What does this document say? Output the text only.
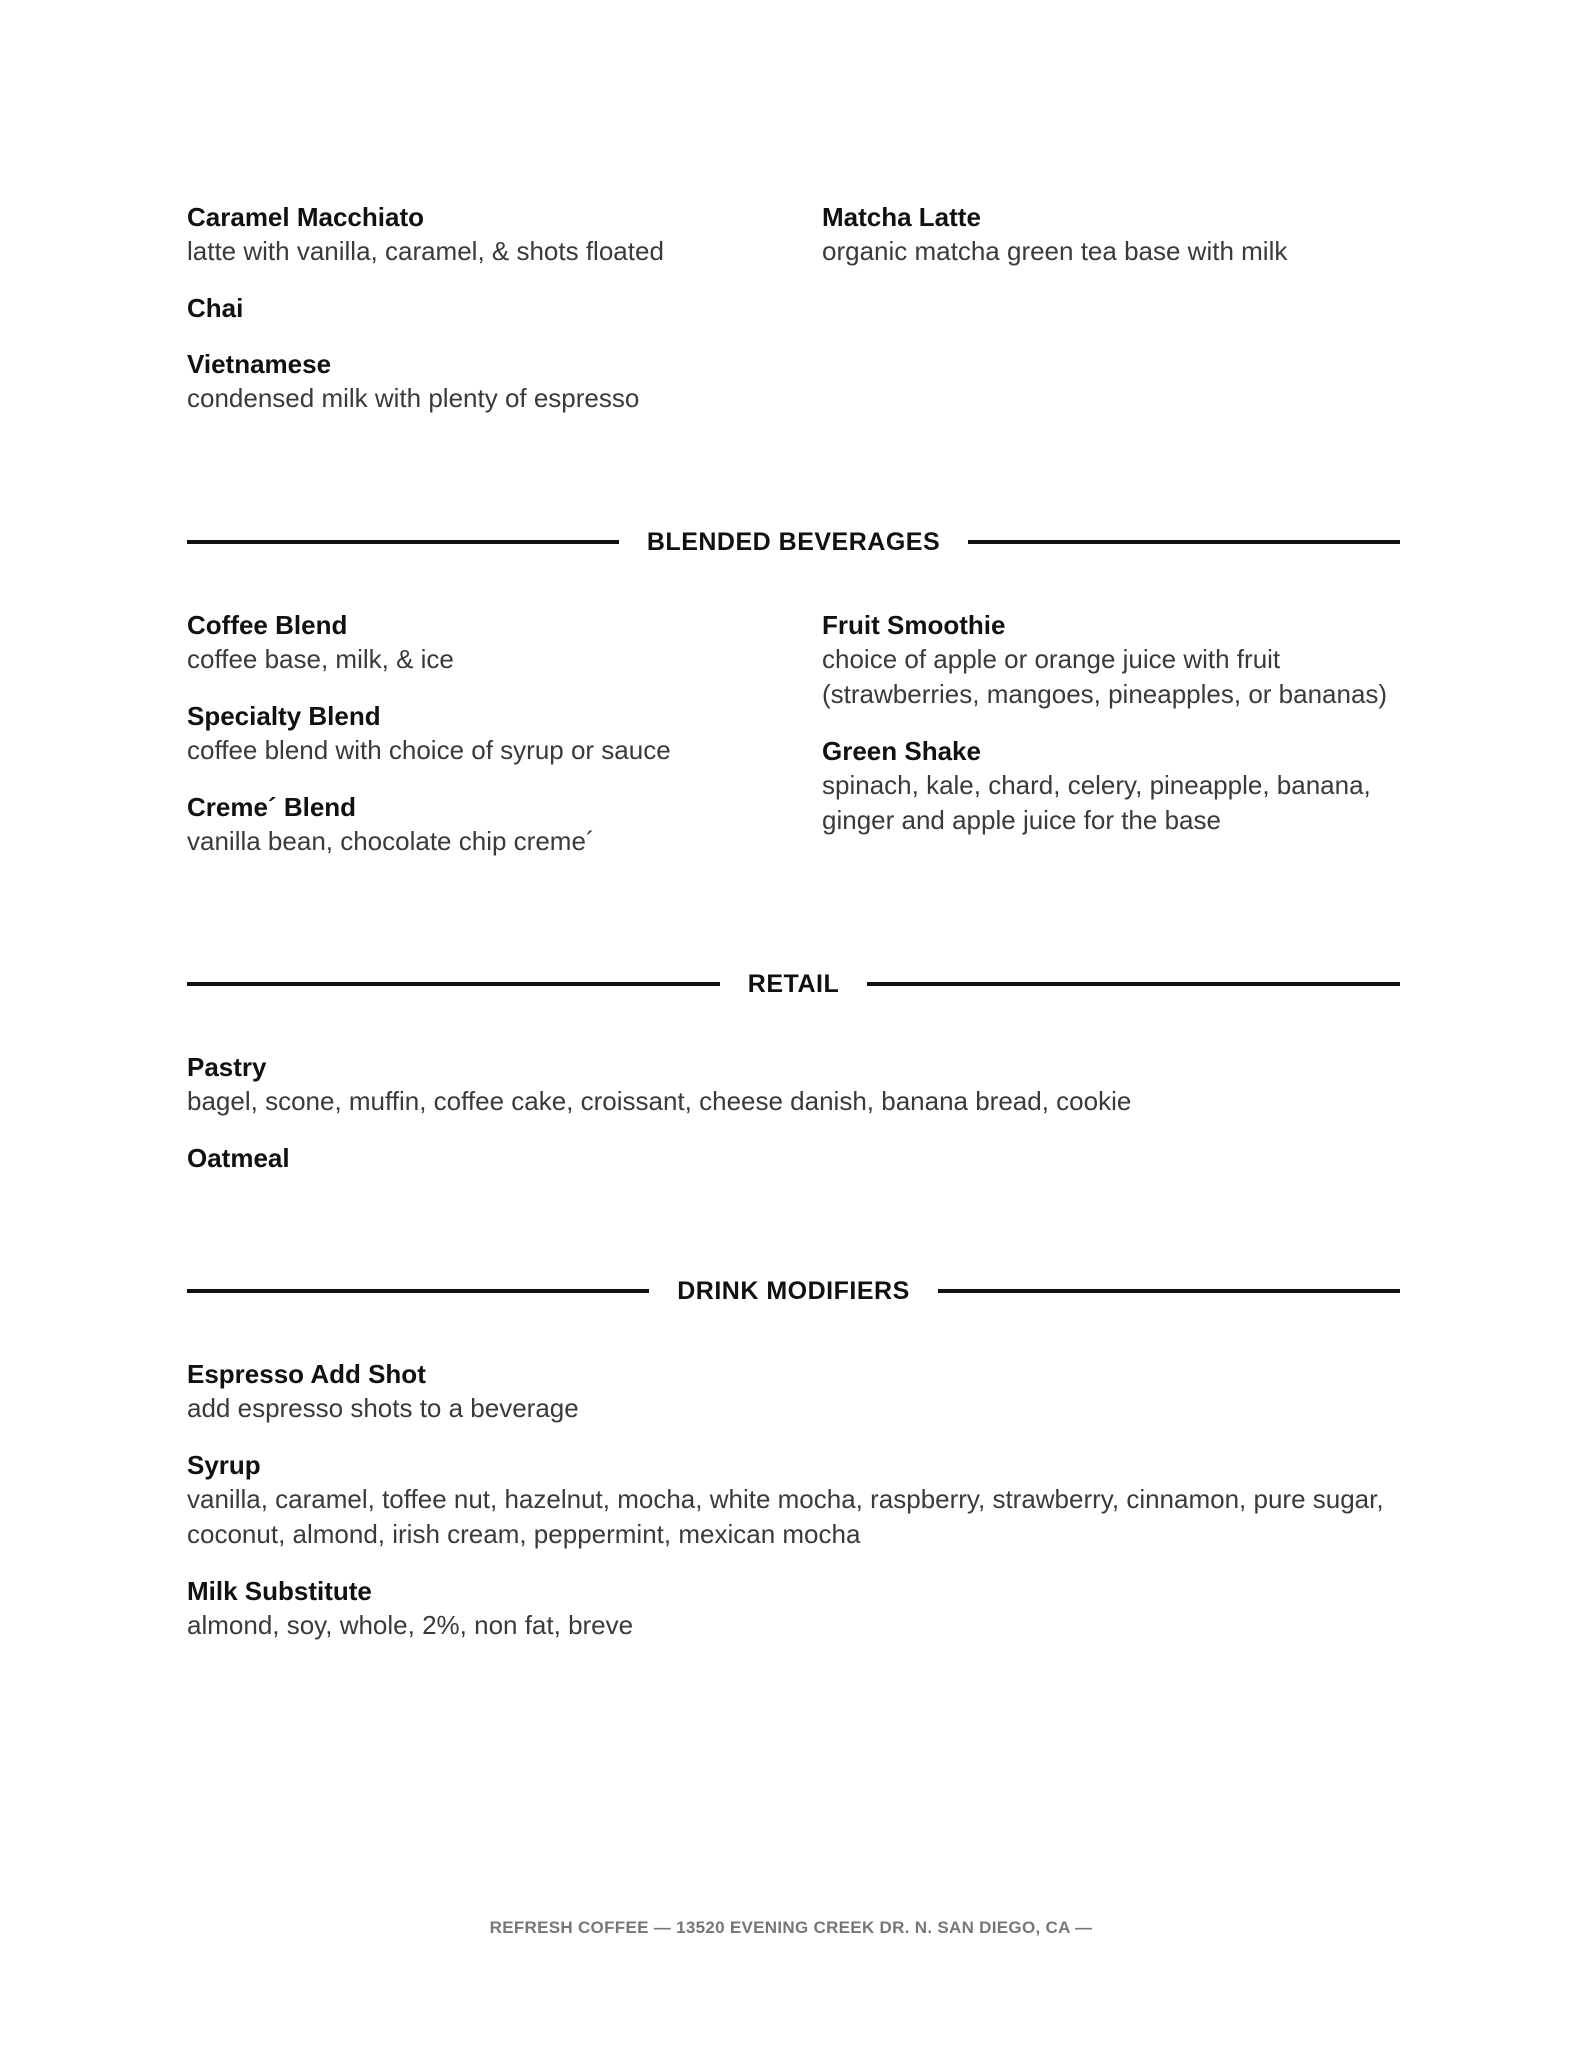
Caramel Macchiato
latte with vanilla, caramel, & shots floated
Chai
Vietnamese
condensed milk with plenty of espresso
Matcha Latte
organic matcha green tea base with milk
BLENDED BEVERAGES
Coffee Blend
coffee base, milk, & ice
Specialty Blend
coffee blend with choice of syrup or sauce
Creme´ Blend
vanilla bean, chocolate chip creme´
Fruit Smoothie
choice of apple or orange juice with fruit
(strawberries, mangoes, pineapples, or bananas)
Green Shake
spinach, kale, chard, celery, pineapple, banana,
ginger and apple juice for the base
RETAIL
Pastry
bagel, scone, muffin, coffee cake, croissant, cheese danish, banana bread, cookie
Oatmeal
DRINK MODIFIERS
Espresso Add Shot
add espresso shots to a beverage
Syrup
vanilla, caramel, toffee nut, hazelnut, mocha, white mocha, raspberry, strawberry, cinnamon, pure sugar,
coconut, almond, irish cream, peppermint, mexican mocha
Milk Substitute
almond, soy, whole, 2%, non fat, breve
REFRESH COFFEE — 13520 EVENING CREEK DR. N. SAN DIEGO, CA —
